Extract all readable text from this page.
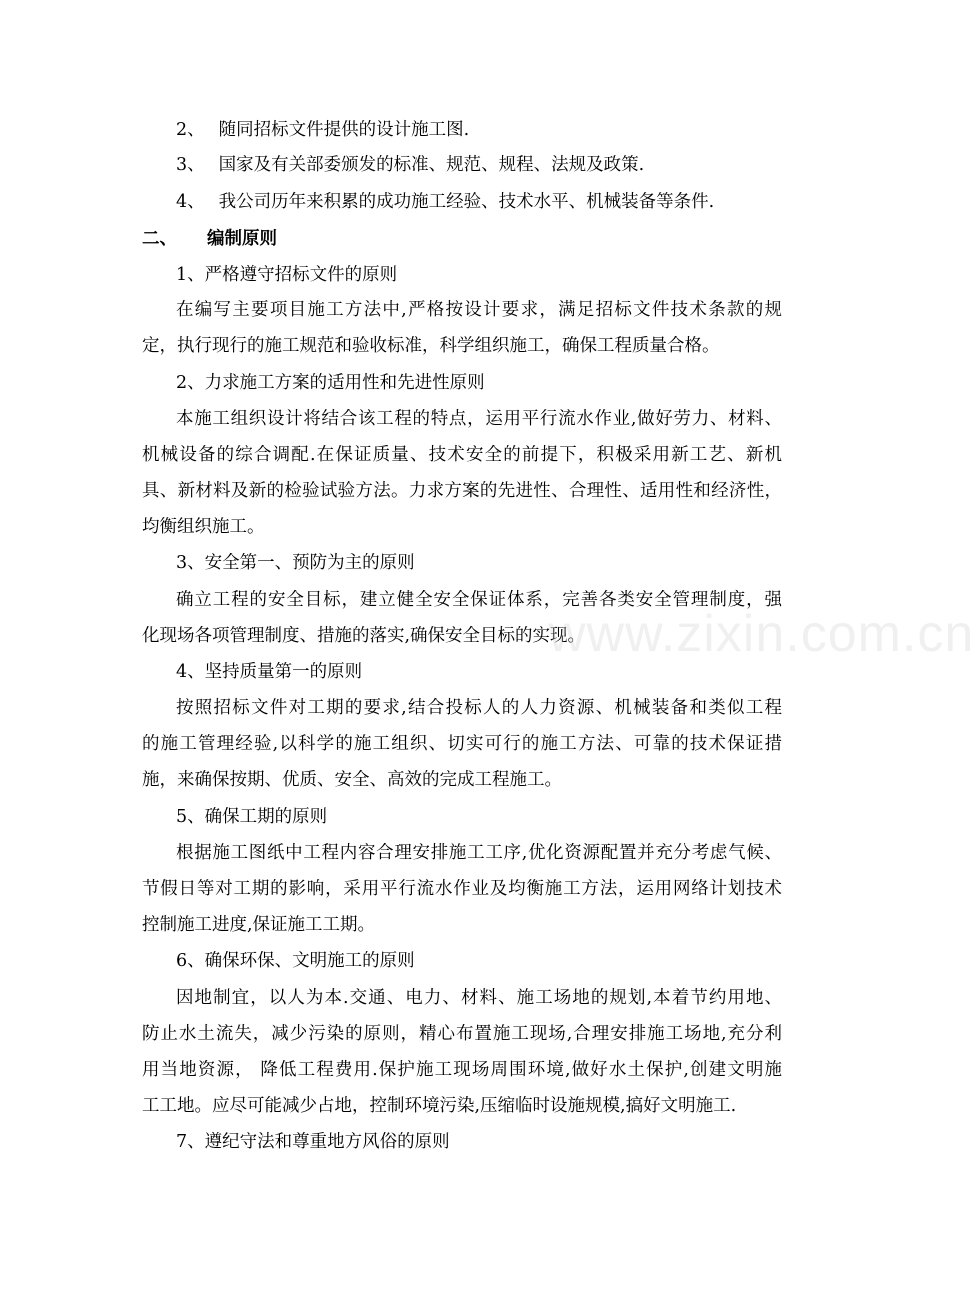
2、 随同招标文件提供的设计施工图.
3、 国家及有关部委颁发的标准、规范、规程、法规及政策.
4、 我公司历年来积累的成功施工经验、技术水平、机械装备等条件.
二、 编制原则
1、严格遵守招标文件的原则
在编写主要项目施工方法中,严格按设计要求，满足招标文件技术条款的规
定，执行现行的施工规范和验收标准，科学组织施工，确保工程质量合格。
2、力求施工方案的适用性和先进性原则
本施工组织设计将结合该工程的特点，运用平行流水作业,做好劳力、材料、
机械设备的综合调配.在保证质量、技术安全的前提下，积极采用新工艺、新机
具、新材料及新的检验试验方法。力求方案的先进性、合理性、适用性和经济性，
均衡组织施工。
3、安全第一、预防为主的原则
确立工程的安全目标，建立健全安全保证体系，完善各类安全管理制度，强
化现场各项管理制度、措施的落实,确保安全目标的实现。
4、坚持质量第一的原则
按照招标文件对工期的要求,结合投标人的人力资源、机械装备和类似工程
的施工管理经验,以科学的施工组织、切实可行的施工方法、可靠的技术保证措
施，来确保按期、优质、安全、高效的完成工程施工。
5、确保工期的原则
根据施工图纸中工程内容合理安排施工工序,优化资源配置并充分考虑气候、
节假日等对工期的影响，采用平行流水作业及均衡施工方法，运用网络计划技术
控制施工进度,保证施工工期。
6、确保环保、文明施工的原则
因地制宜，以人为本.交通、电力、材料、施工场地的规划,本着节约用地、
防止水土流失，减少污染的原则，精心布置施工现场,合理安排施工场地,充分利
用当地资源， 降低工程费用.保护施工现场周围环境,做好水土保护,创建文明施
工工地。应尽可能减少占地，控制环境污染,压缩临时设施规模,搞好文明施工.
7、遵纪守法和尊重地方风俗的原则
www.zixin.com.cn
